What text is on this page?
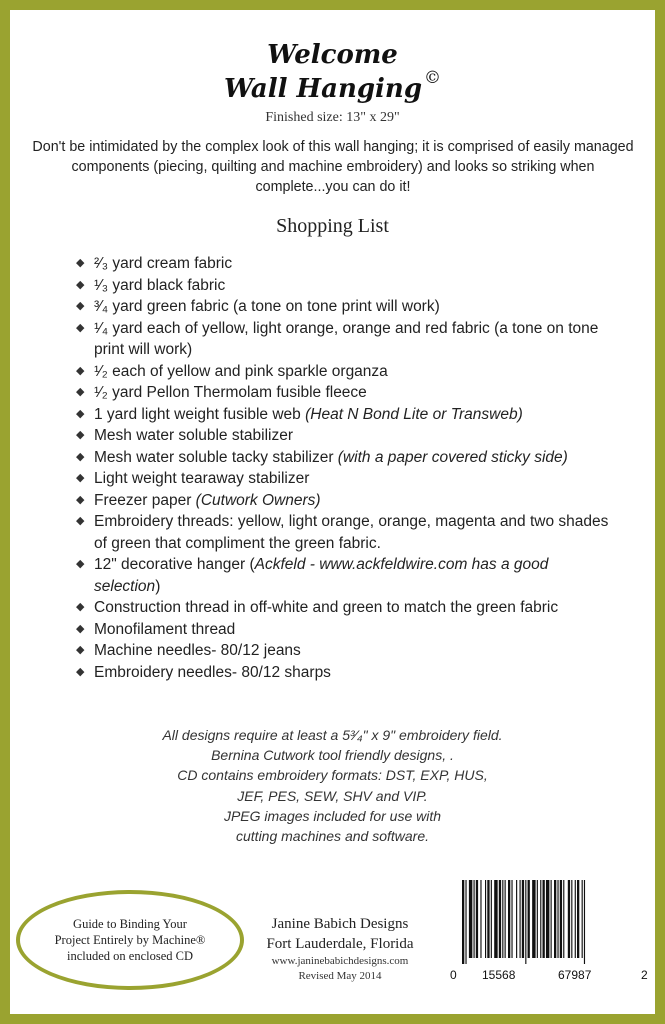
Welcome
Wall Hanging ©
Finished size: 13" x 29"
Don't be intimidated by the complex look of this wall hanging; it is comprised of easily managed components (piecing, quilting and machine embroidery) and looks so striking when complete...you can do it!
Shopping List
◆ ²⁄₃ yard cream fabric
◆ ¹⁄₃ yard black fabric
◆ ³⁄₄ yard green fabric (a tone on tone print will work)
◆ ¹⁄₄ yard each of yellow, light orange, orange and red fabric (a tone on tone print will work)
◆ ¹⁄₂ each of yellow and pink sparkle organza
◆ ¹⁄₂ yard Pellon Thermolam fusible fleece
◆ 1 yard light weight fusible web (Heat N Bond Lite or Transweb)
◆ Mesh water soluble stabilizer
◆ Mesh water soluble tacky stabilizer (with a paper covered sticky side)
◆ Light weight tearaway stabilizer
◆ Freezer paper (Cutwork Owners)
◆ Embroidery threads: yellow, light orange, orange, magenta and two shades of green that compliment the green fabric.
◆ 12" decorative hanger (Ackfeld - www.ackfeldwire.com has a good selection)
◆ Construction thread in off-white and green to match the green fabric
◆ Monofilament thread
◆ Machine needles- 80/12 jeans
◆ Embroidery needles- 80/12 sharps
All designs require at least a 5³⁄₄" x 9" embroidery field.
Bernina Cutwork tool friendly designs, .
CD contains embroidery formats: DST, EXP, HUS,
JEF, PES, SEW, SHV and VIP.
JPEG images included for use with
cutting machines and software.
Guide to Binding Your
Project Entirely by Machine®
included on enclosed CD
Janine Babich Designs
Fort Lauderdale, Florida
www.janinebabichdesigns.com
Revised May 2014	0 15568	67987	2
